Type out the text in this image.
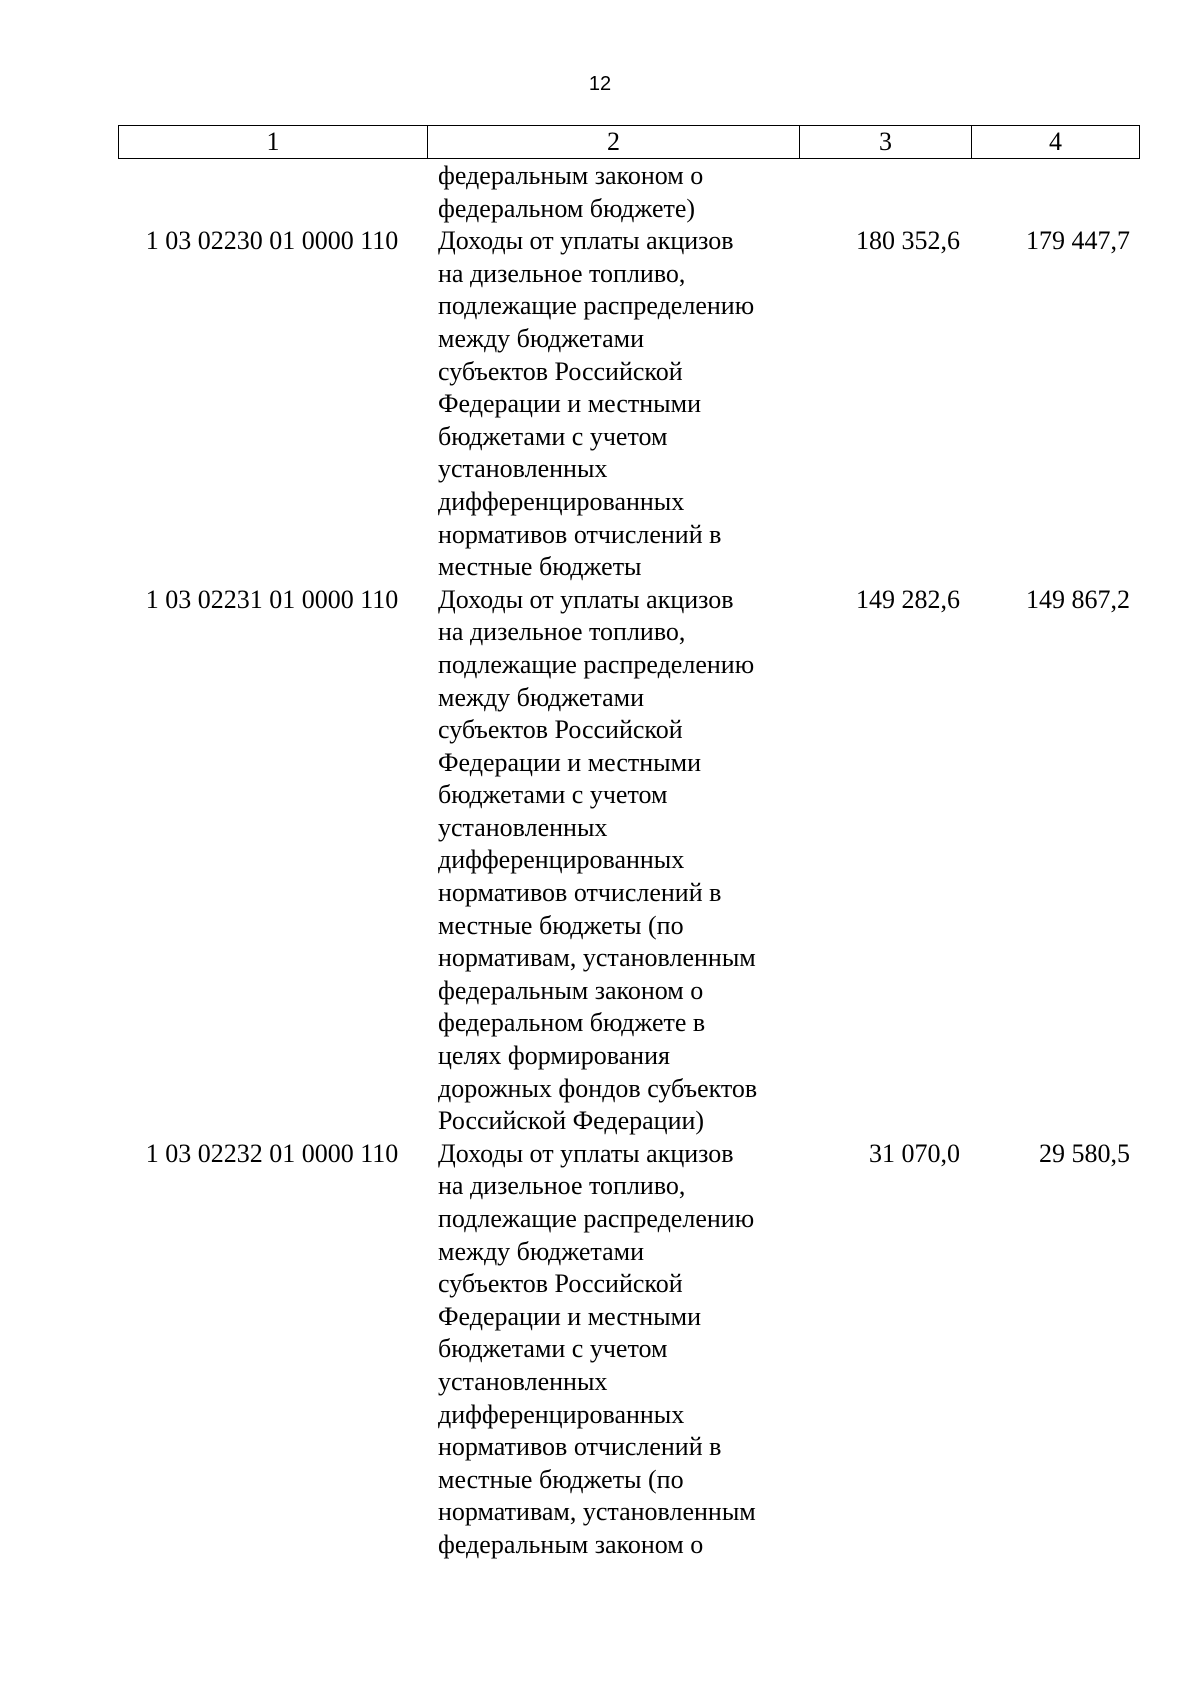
12
1	2	3	4
федеральным законом о
федеральном бюджете)
1 03 02230 01 0000 110	Доходы от уплаты акцизов
на дизельное топливо,
подлежащие распределению
между бюджетами
субъектов Российской
Федерации и местными
бюджетами с учетом
установленных
дифференцированных
нормативов отчислений в
местные бюджеты
180 352,6	179 447,7
1 03 02231 01 0000 110	Доходы от уплаты акцизов
на дизельное топливо,
подлежащие распределению
между бюджетами
субъектов Российской
Федерации и местными
бюджетами с учетом
установленных
дифференцированных
нормативов отчислений в
местные бюджеты (по
нормативам, установленным
федеральным законом о
федеральном бюджете в
целях формирования
дорожных фондов субъектов
Российской Федерации)
149 282,6	149 867,2
1 03 02232 01 0000 110	Доходы от уплаты акцизов
на дизельное топливо,
подлежащие распределению
между бюджетами
субъектов Российской
Федерации и местными
бюджетами с учетом
установленных
дифференцированных
нормативов отчислений в
местные бюджеты (по
нормативам, установленным
федеральным законом о
31 070,0	29 580,5
